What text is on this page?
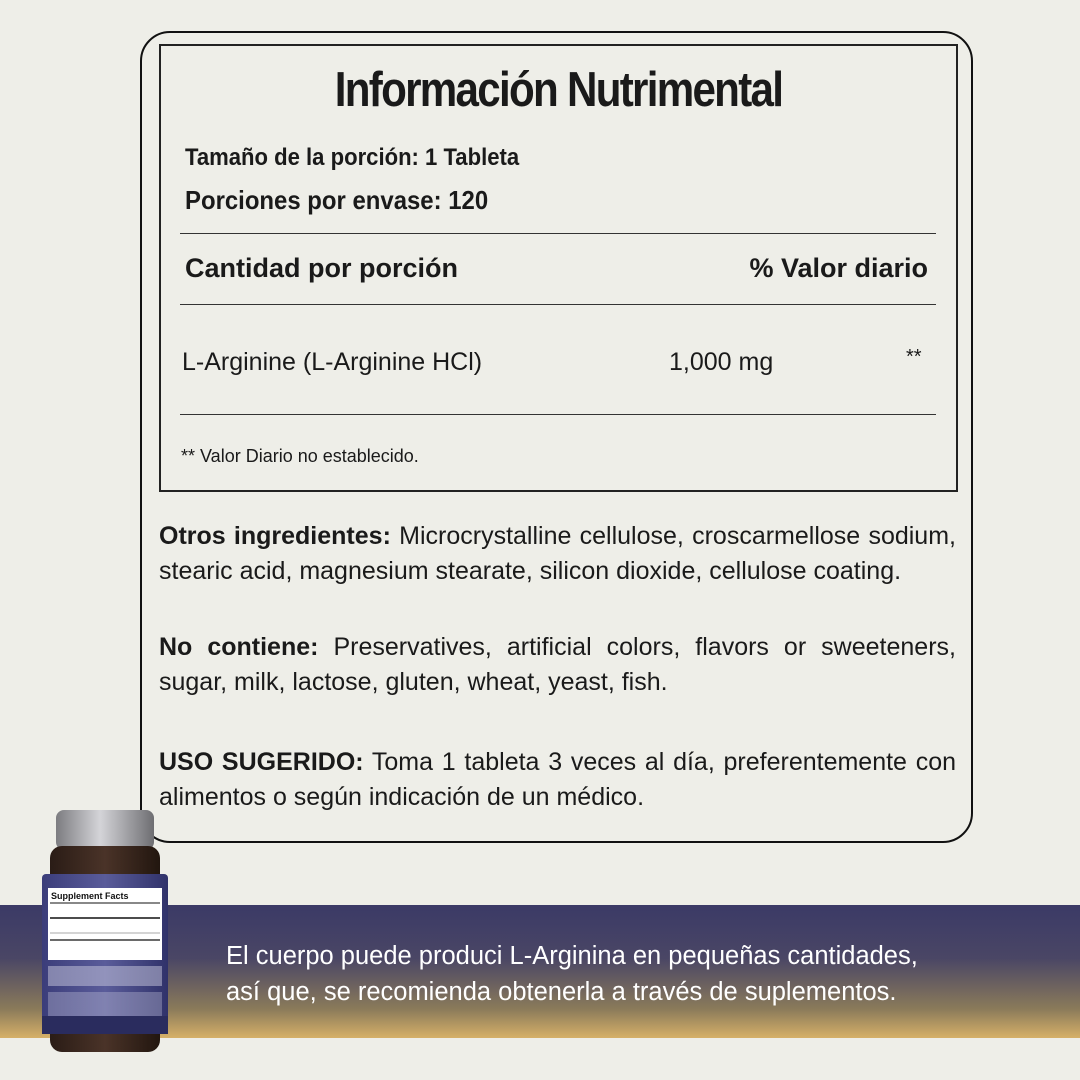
Información Nutrimental
Tamaño de la porción: 1 Tableta
Porciones por envase: 120
Cantidad por porción	% Valor diario
L-Arginine (L-Arginine HCl)	1,000 mg	**
** Valor Diario no establecido.
Otros ingredientes: Microcrystalline cellulose, croscarmellose sodium, stearic acid, magnesium stearate, silicon dioxide, cellulose coating.
No contiene: Preservatives, artificial colors, flavors or sweeteners, sugar, milk, lactose, gluten, wheat, yeast, fish.
USO SUGERIDO: Toma 1 tableta 3 veces al día, preferentemente con alimentos o según indicación de un médico.
El cuerpo puede produci L-Arginina en pequeñas cantidades,
así que, se recomienda obtenerla a través de suplementos.
Supplement Facts
